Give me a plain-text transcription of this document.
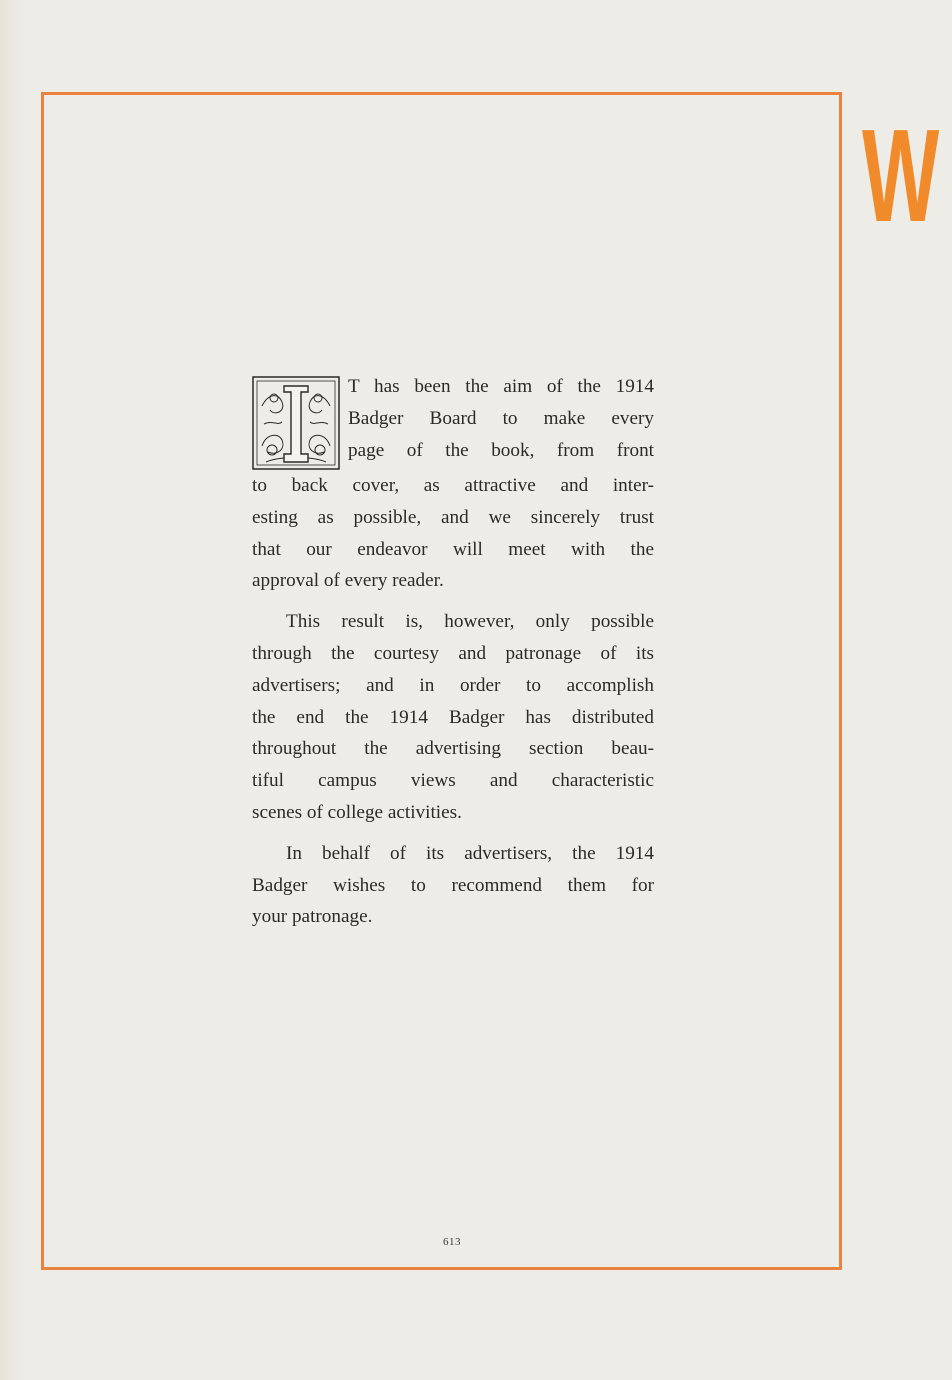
W
I	T has been the aim of the 1914
Badger Board to make every
page of the book, from front
to back cover, as attractive and inter-
esting as possible, and we sincerely trust
that our endeavor will meet with the
approval of every reader.
This result is, however, only possible
through the courtesy and patronage of its
advertisers; and in order to accomplish
the end the 1914 Badger has distributed
throughout the advertising section beau-
tiful campus views and characteristic
scenes of college activities.
In behalf of its advertisers, the 1914
Badger wishes to recommend them for
your patronage.
613
